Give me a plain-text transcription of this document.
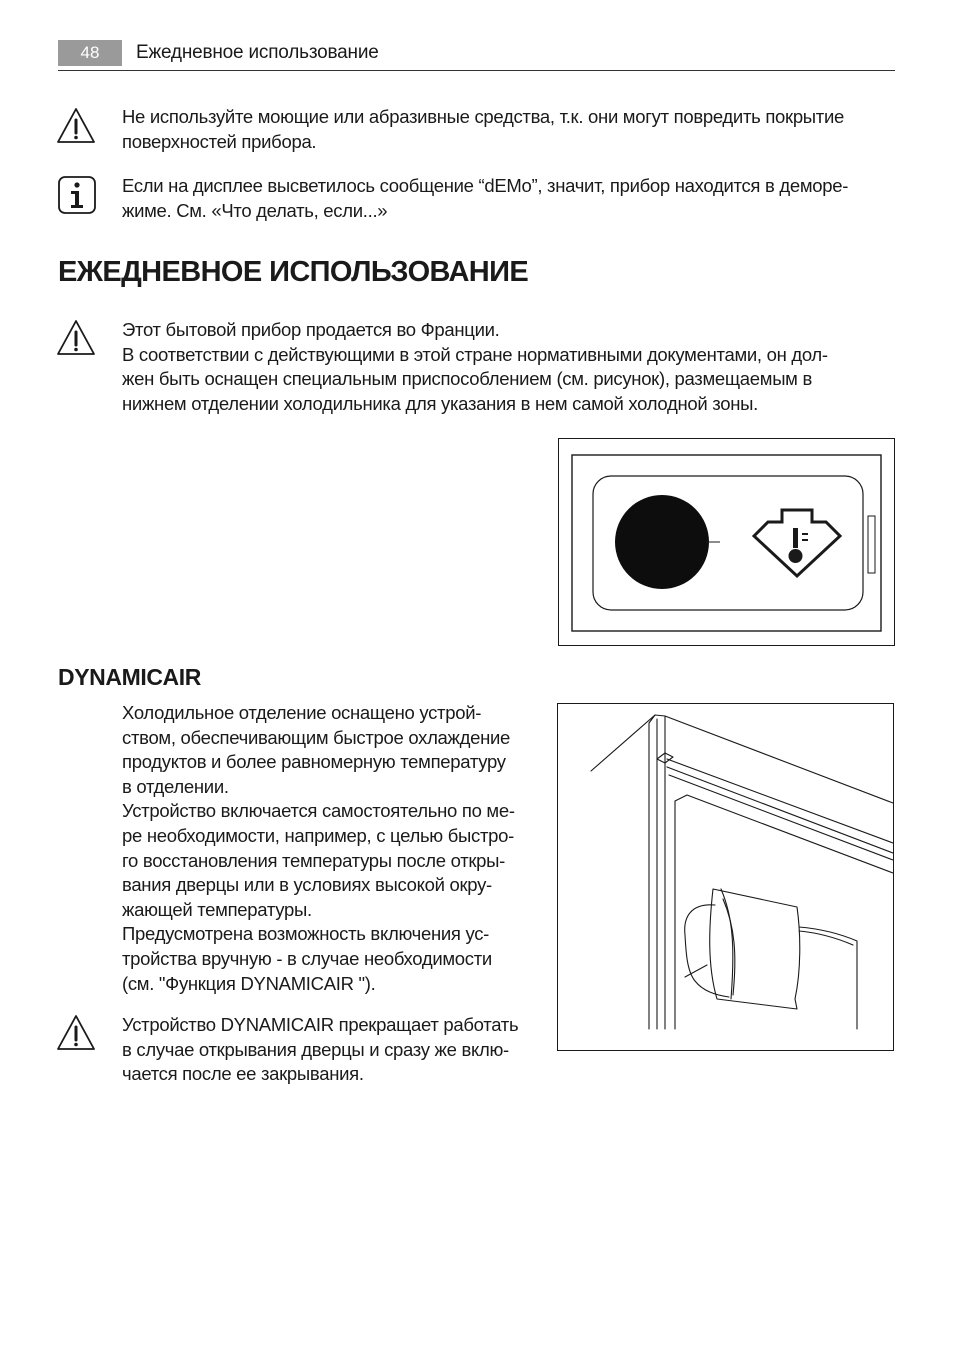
48	Ежедневное использование
Не используйте моющие или абразивные средства, т.к. они могут повредить покрытие
поверхностей прибора.
Если на дисплее высветилось сообщение “dEMo”, значит, прибор находится в деморе-
жиме. См. «Что делать, если...»
ЕЖЕДНЕВНОЕ ИСПОЛЬЗОВАНИЕ
Этот бытовой прибор продается во Франции.
В соответствии с действующими в этой стране нормативными документами, он дол-
жен быть оснащен специальным приспособлением (см. рисунок), размещаемым в
нижнем отделении холодильника для указания в нем самой холодной зоны.
DYNAMICAIR
Холодильное отделение оснащено устрой-
ством, обеспечивающим быстрое охлаждение
продуктов и более равномерную температуру
в отделении.
Устройство включается самостоятельно по ме-
ре необходимости, например, с целью быстро-
го восстановления температуры после откры-
вания дверцы или в условиях высокой окру-
жающей температуры.
Предусмотрена возможность включения ус-
тройства вручную - в случае необходимости
(см. "Функция DYNAMICAIR ").
Устройство DYNAMICAIR прекращает работать
в случае открывания дверцы и сразу же вклю-
чается после ее закрывания.
